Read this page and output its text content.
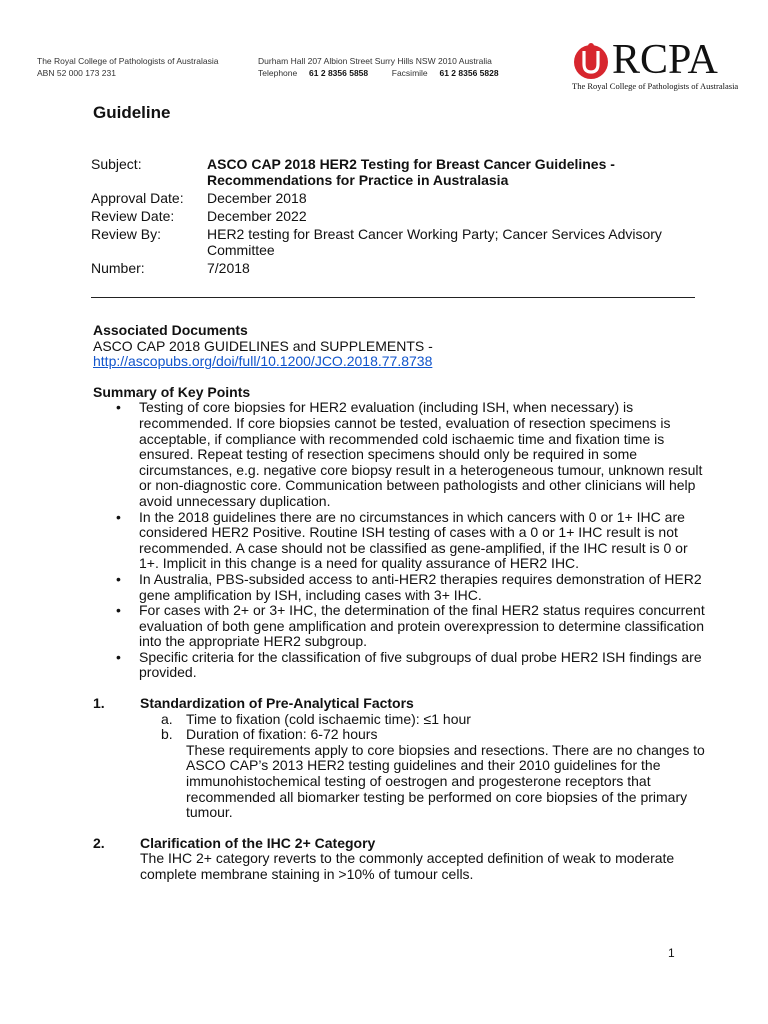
The Royal College of Pathologists of Australasia
ABN 52 000 173 231
Durham Hall 207 Albion Street Surry Hills NSW 2010 Australia
Telephone 61 2 8356 5858	Facsimile 61 2 8356 5828	RCPA
The Royal College of Pathologists of Australasia
Guideline
Subject:	ASCO CAP 2018 HER2 Testing for Breast Cancer Guidelines - Recommendations for Practice in Australasia
Approval Date:	December 2018
Review Date:	December 2022
Review By:	HER2 testing for Breast Cancer Working Party; Cancer Services Advisory Committee
Number:	7/2018
Associated Documents
ASCO CAP 2018 GUIDELINES and SUPPLEMENTS -
http://ascopubs.org/doi/full/10.1200/JCO.2018.77.8738
Summary of Key Points
• Testing of core biopsies for HER2 evaluation (including ISH, when necessary) is recommended. If core biopsies cannot be tested, evaluation of resection specimens is acceptable, if compliance with recommended cold ischaemic time and fixation time is ensured. Repeat testing of resection specimens should only be required in some circumstances, e.g. negative core biopsy result in a heterogeneous tumour, unknown result or non-diagnostic core. Communication between pathologists and other clinicians will help avoid unnecessary duplication.
• In the 2018 guidelines there are no circumstances in which cancers with 0 or 1+ IHC are considered HER2 Positive. Routine ISH testing of cases with a 0 or 1+ IHC result is not recommended. A case should not be classified as gene-amplified, if the IHC result is 0 or 1+. Implicit in this change is a need for quality assurance of HER2 IHC.
• In Australia, PBS-subsided access to anti-HER2 therapies requires demonstration of HER2 gene amplification by ISH, including cases with 3+ IHC.
• For cases with 2+ or 3+ IHC, the determination of the final HER2 status requires concurrent evaluation of both gene amplification and protein overexpression to determine classification into the appropriate HER2 subgroup.
• Specific criteria for the classification of five subgroups of dual probe HER2 ISH findings are provided.
1.	Standardization of Pre-Analytical Factors
a. Time to fixation (cold ischaemic time): ≤1 hour
b. Duration of fixation: 6-72 hours
These requirements apply to core biopsies and resections. There are no changes to ASCO CAP’s 2013 HER2 testing guidelines and their 2010 guidelines for the immunohistochemical testing of oestrogen and progesterone receptors that recommended all biomarker testing be performed on core biopsies of the primary tumour.
2.	Clarification of the IHC 2+ Category
The IHC 2+ category reverts to the commonly accepted definition of weak to moderate complete membrane staining in >10% of tumour cells.
1
